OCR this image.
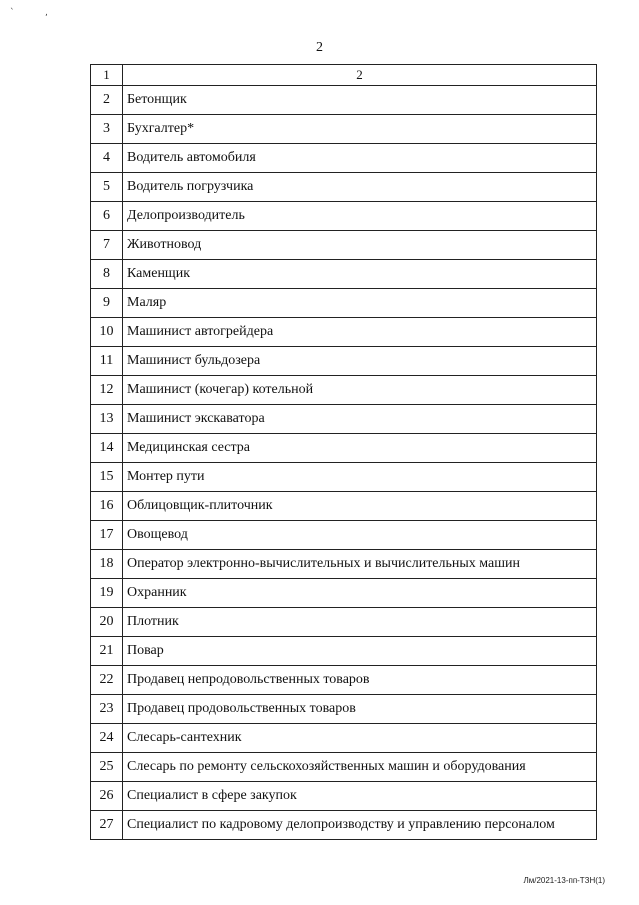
`	,
2
1	2
2	Бетонщик
3	Бухгалтер*
4	Водитель автомобиля
5	Водитель погрузчика
6	Делопроизводитель
7	Животновод
8	Каменщик
9	Маляр
10	Машинист автогрейдера
11	Машинист бульдозера
12	Машинист (кочегар) котельной
13	Машинист экскаватора
14	Медицинская сестра
15	Монтер пути
16	Облицовщик-плиточник
17	Овощевод
18	Оператор электронно-вычислительных и вычислительных машин
19	Охранник
20	Плотник
21	Повар
22	Продавец непродовольственных товаров
23	Продавец продовольственных товаров
24	Слесарь-сантехник
25	Слесарь по ремонту сельскохозяйственных машин и оборудования
26	Специалист в сфере закупок
27	Специалист по кадровому делопроизводству и управлению персоналом
Лм/2021-13-пп-ТЗН(1)
